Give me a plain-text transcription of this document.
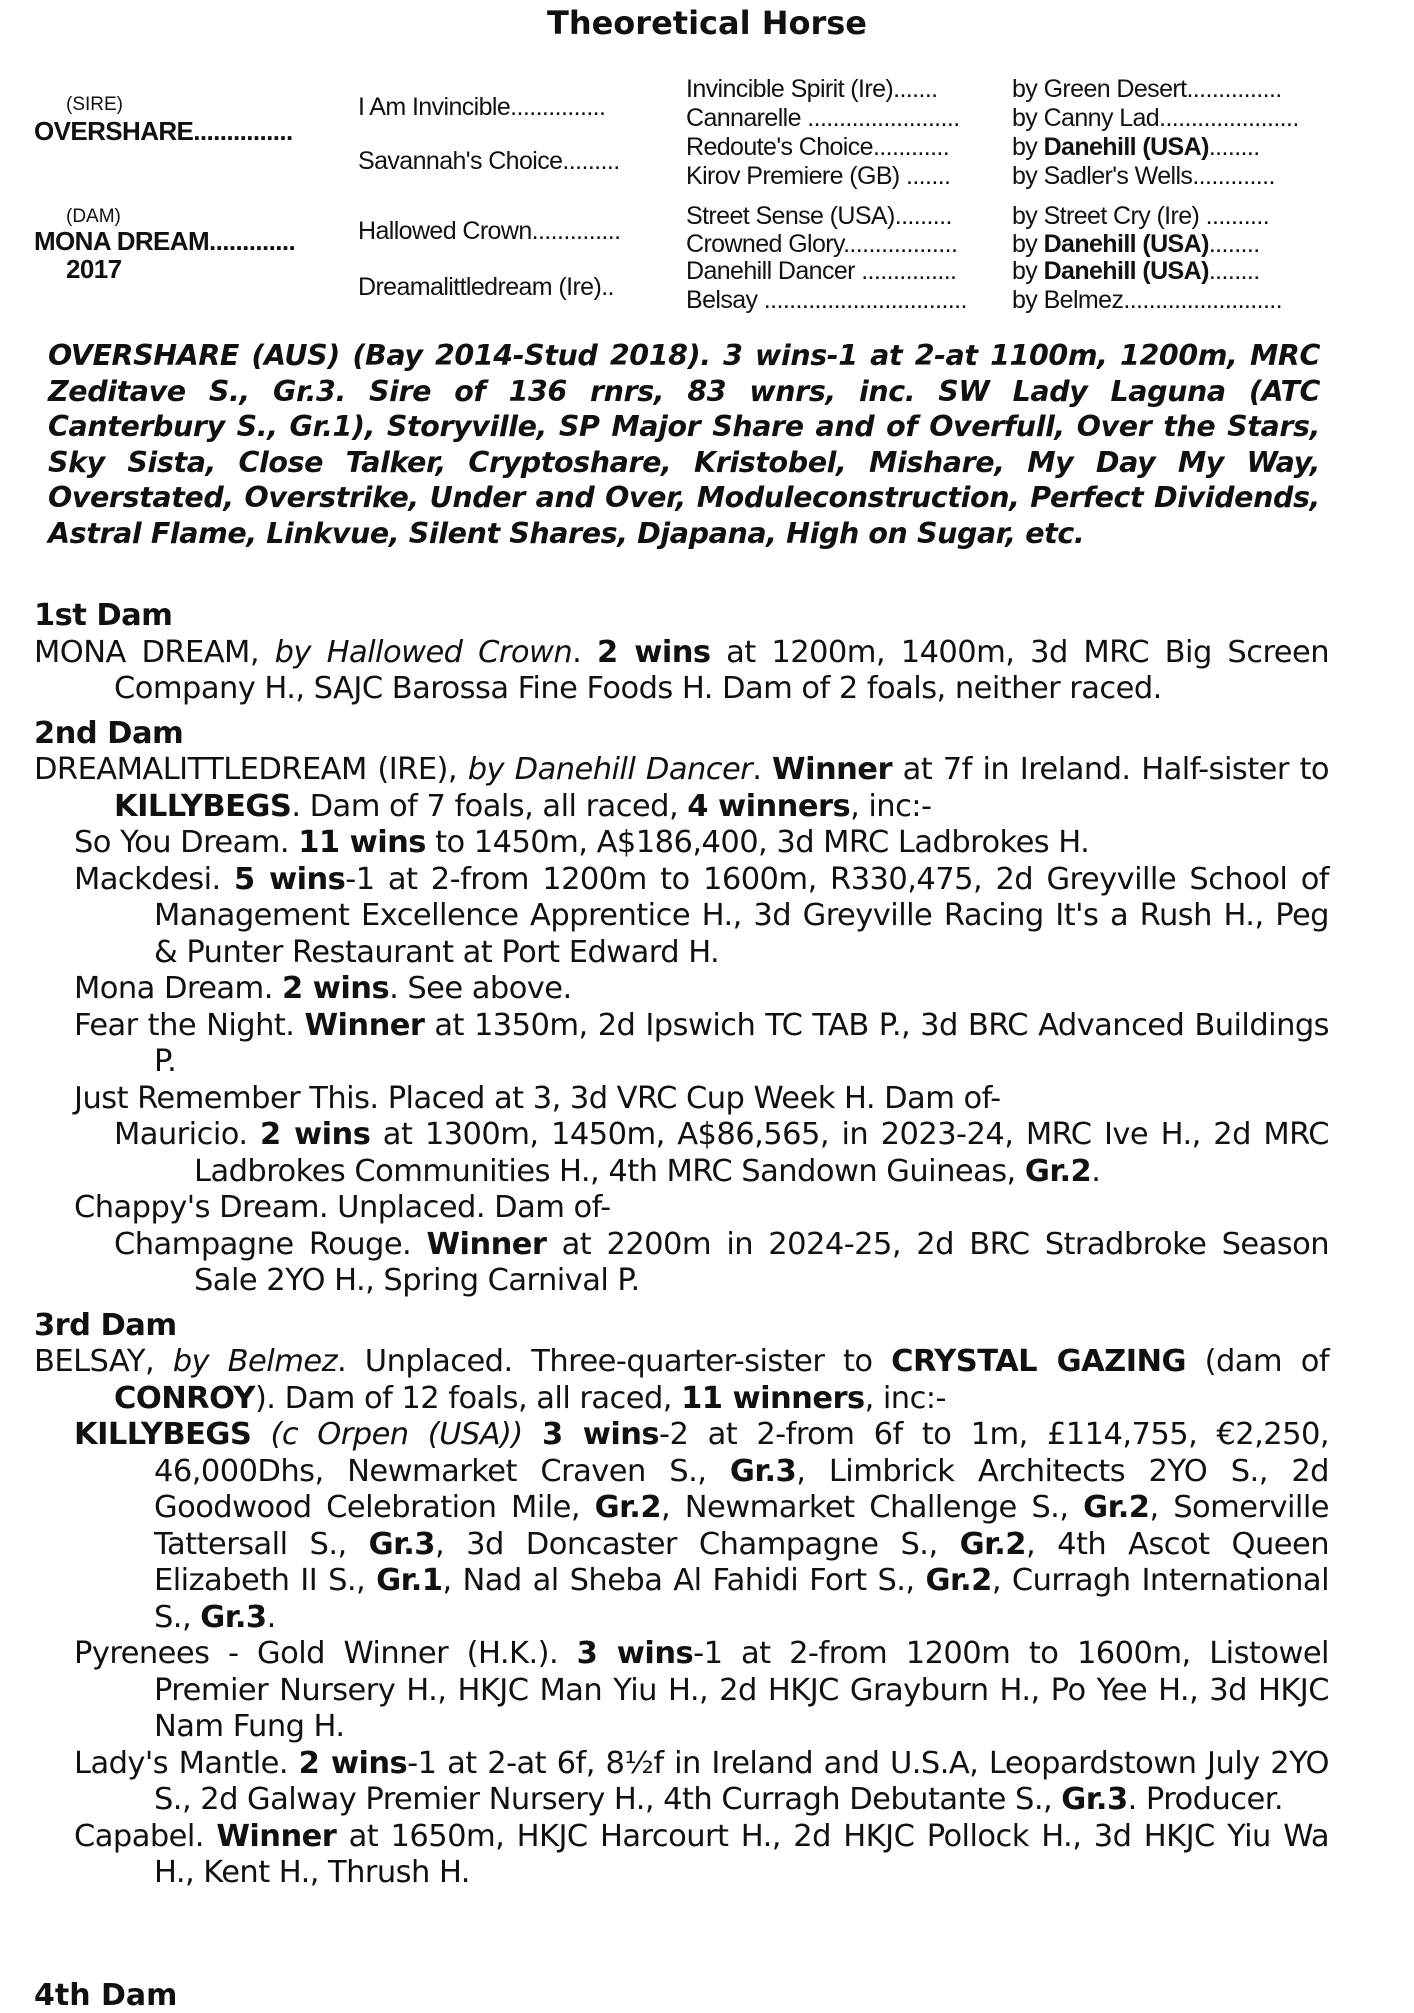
Theoretical Horse
(SIRE)
OVERSHARE...............
(DAM)
MONA DREAM.............
2017
I Am Invincible...............
Savannah's Choice.........
Hallowed Crown..............
Dreamalittledream (Ire)..
Invincible Spirit (Ire).......
Cannarelle ........................
Redoute's Choice............
Kirov Premiere (GB) .......
Street Sense (USA).........
Crowned Glory..................
Danehill Dancer ...............
Belsay ................................
by Green Desert...............
by Canny Lad......................
by Danehill (USA)........
by Sadler's Wells.............
by Street Cry (Ire) ..........
by Danehill (USA)........
by Danehill (USA)........
by Belmez.........................
OVERSHARE (AUS) (Bay 2014-Stud 2018). 3 wins-1 at 2-at 1100m, 1200m, MRC Zeditave S., Gr.3. Sire of 136 rnrs, 83 wnrs, inc. SW Lady Laguna (ATC Canterbury S., Gr.1), Storyville, SP Major Share and of Overfull, Over the Stars, Sky Sista, Close Talker, Cryptoshare, Kristobel, Mishare, My Day My Way, Overstated, Overstrike, Under and Over, Moduleconstruction, Perfect Dividends, Astral Flame, Linkvue, Silent Shares, Djapana, High on Sugar, etc.
1st Dam
MONA DREAM, by Hallowed Crown. 2 wins at 1200m, 1400m, 3d MRC Big Screen Company H., SAJC Barossa Fine Foods H. Dam of 2 foals, neither raced.
2nd Dam
DREAMALITTLEDREAM (IRE), by Danehill Dancer. Winner at 7f in Ireland. Half-sister to KILLYBEGS. Dam of 7 foals, all raced, 4 winners, inc:-
So You Dream. 11 wins to 1450m, A$186,400, 3d MRC Ladbrokes H.
Mackdesi. 5 wins-1 at 2-from 1200m to 1600m, R330,475, 2d Greyville School of Management Excellence Apprentice H., 3d Greyville Racing It's a Rush H., Peg & Punter Restaurant at Port Edward H.
Mona Dream. 2 wins. See above.
Fear the Night. Winner at 1350m, 2d Ipswich TC TAB P., 3d BRC Advanced Buildings P.
Just Remember This. Placed at 3, 3d VRC Cup Week H. Dam of-
Mauricio. 2 wins at 1300m, 1450m, A$86,565, in 2023-24, MRC Ive H., 2d MRC Ladbrokes Communities H., 4th MRC Sandown Guineas, Gr.2.
Chappy's Dream. Unplaced. Dam of-
Champagne Rouge. Winner at 2200m in 2024-25, 2d BRC Stradbroke Season Sale 2YO H., Spring Carnival P.
3rd Dam
BELSAY, by Belmez. Unplaced. Three-quarter-sister to CRYSTAL GAZING (dam of CONROY). Dam of 12 foals, all raced, 11 winners, inc:-
KILLYBEGS (c Orpen (USA)) 3 wins-2 at 2-from 6f to 1m, £114,755, €2,250, 46,000Dhs, Newmarket Craven S., Gr.3, Limbrick Architects 2YO S., 2d Goodwood Celebration Mile, Gr.2, Newmarket Challenge S., Gr.2, Somerville Tattersall S., Gr.3, 3d Doncaster Champagne S., Gr.2, 4th Ascot Queen Elizabeth II S., Gr.1, Nad al Sheba Al Fahidi Fort S., Gr.2, Curragh International S., Gr.3.
Pyrenees - Gold Winner (H.K.). 3 wins-1 at 2-from 1200m to 1600m, Listowel Premier Nursery H., HKJC Man Yiu H., 2d HKJC Grayburn H., Po Yee H., 3d HKJC Nam Fung H.
Lady's Mantle. 2 wins-1 at 2-at 6f, 8½f in Ireland and U.S.A, Leopardstown July 2YO S., 2d Galway Premier Nursery H., 4th Curragh Debutante S., Gr.3. Producer.
Capabel. Winner at 1650m, HKJC Harcourt H., 2d HKJC Pollock H., 3d HKJC Yiu Wa H., Kent H., Thrush H.
4th Dam
